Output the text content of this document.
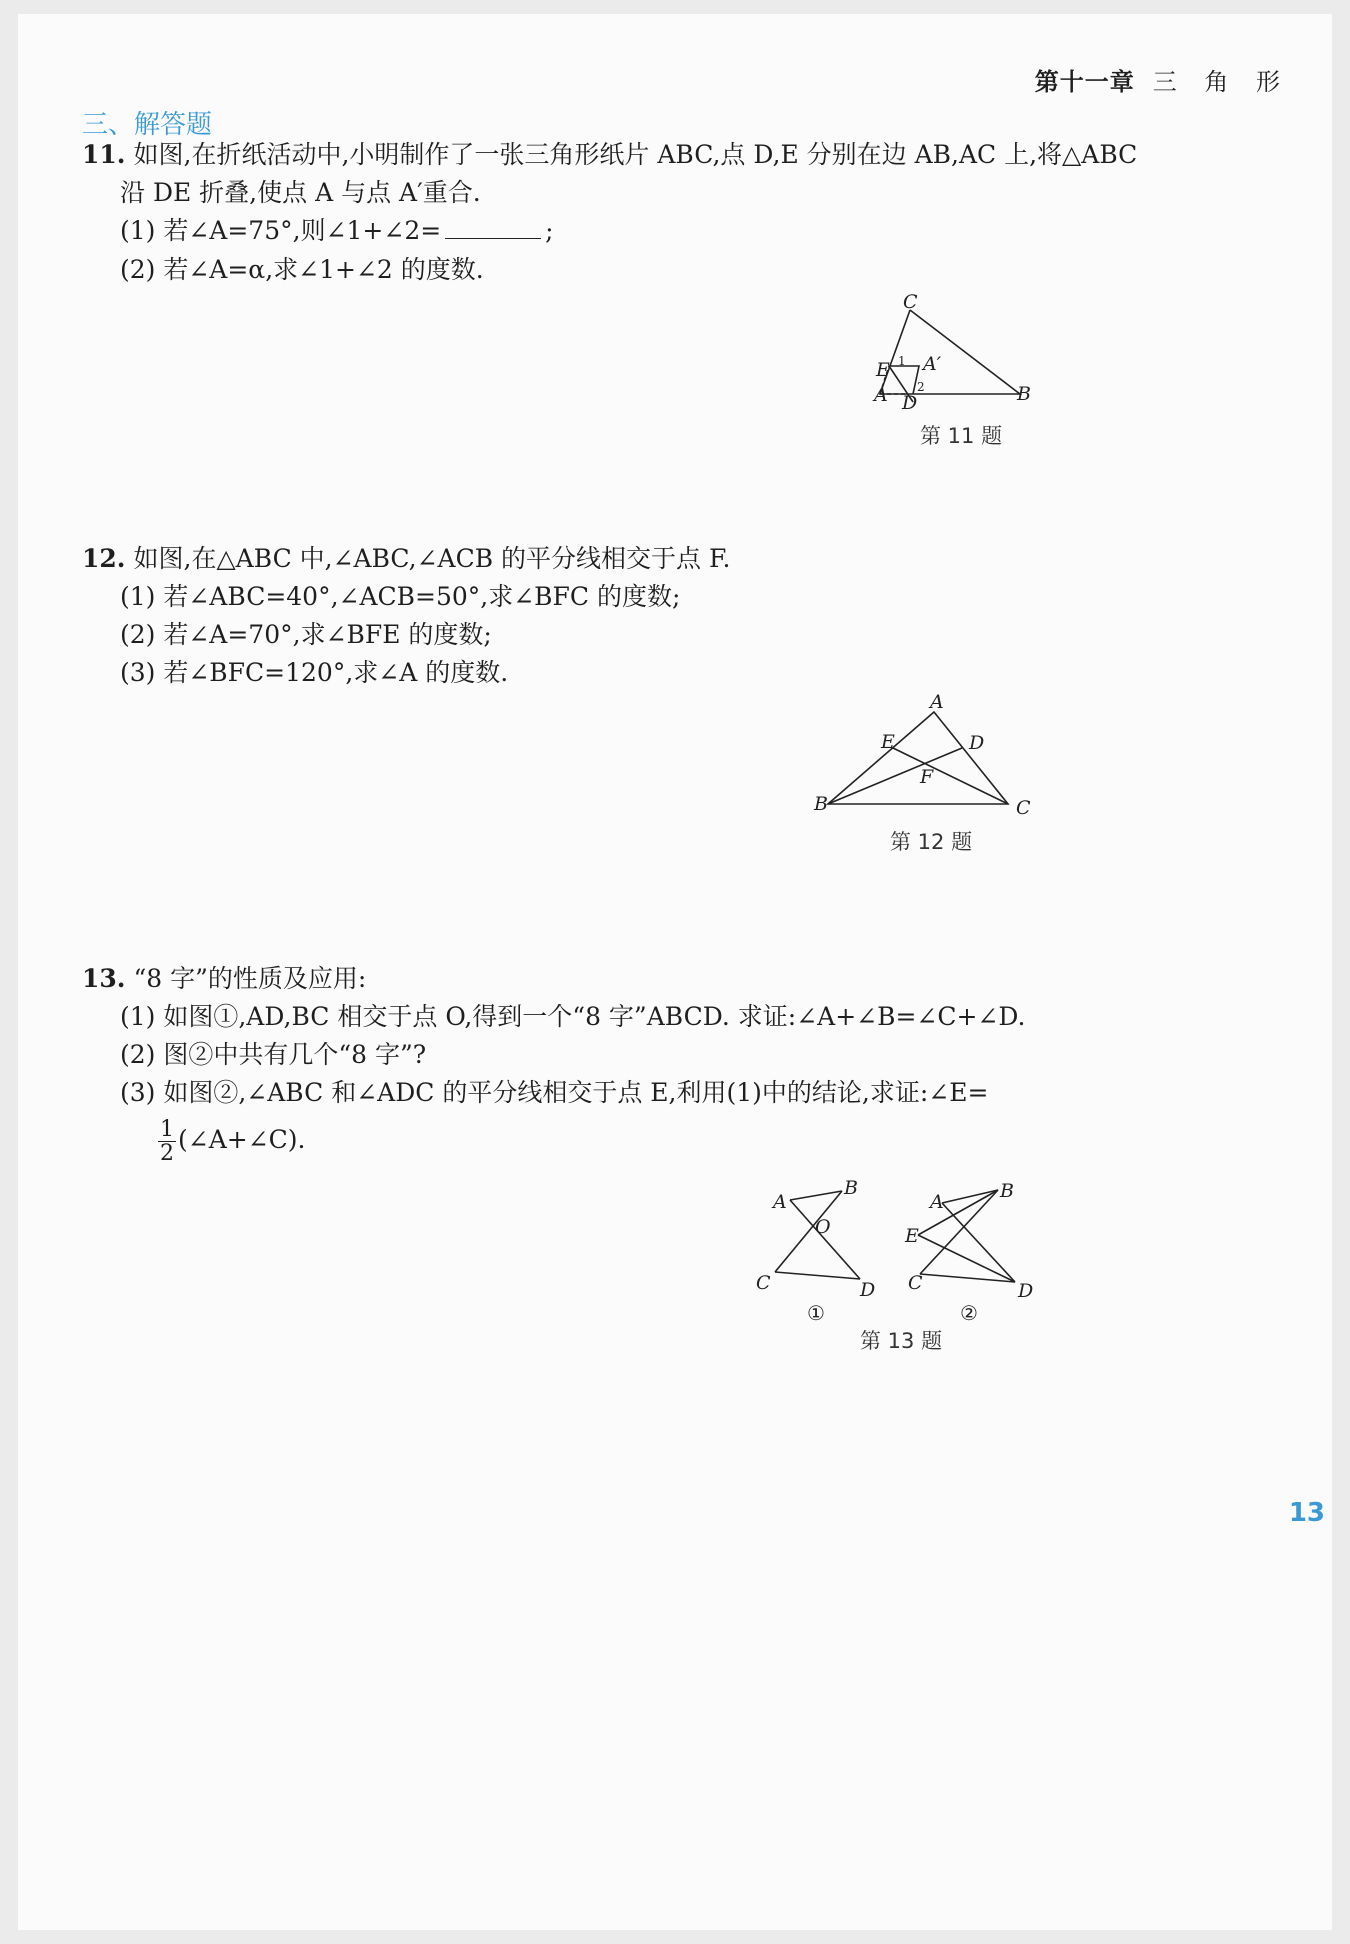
第十一章 三 角 形
三、解答题
11. 如图,在折纸活动中,小明制作了一张三角形纸片 ABC,点 D,E 分别在边 AB,AC 上,将△ABC
沿 DE 折叠,使点 A 与点 A′重合.
(1) 若∠A=75°,则∠1+∠2=	;
(2) 若∠A=α,求∠1+∠2 的度数.
C
E A′
A D	B
1
2
第 11 题
12. 如图,在△ABC 中,∠ABC,∠ACB 的平分线相交于点 F.
(1) 若∠ABC=40°,∠ACB=50°,求∠BFC 的度数;
(2) 若∠A=70°,求∠BFE 的度数;
(3) 若∠BFC=120°,求∠A 的度数.
A
E	D
F
B	C
第 12 题
13. “8 字”的性质及应用:
(1) 如图①,AD,BC 相交于点 O,得到一个“8 字”ABCD. 求证:∠A+∠B=∠C+∠D.
(2) 图②中共有几个“8 字”?
(3) 如图②,∠ABC 和∠ADC 的平分线相交于点 E,利用(1)中的结论,求证:∠E=
$\frac{1}{2}$ (∠A+∠C).
A
B
O
C	D
①
A	B
E
C	D
②
第 13 题
13
